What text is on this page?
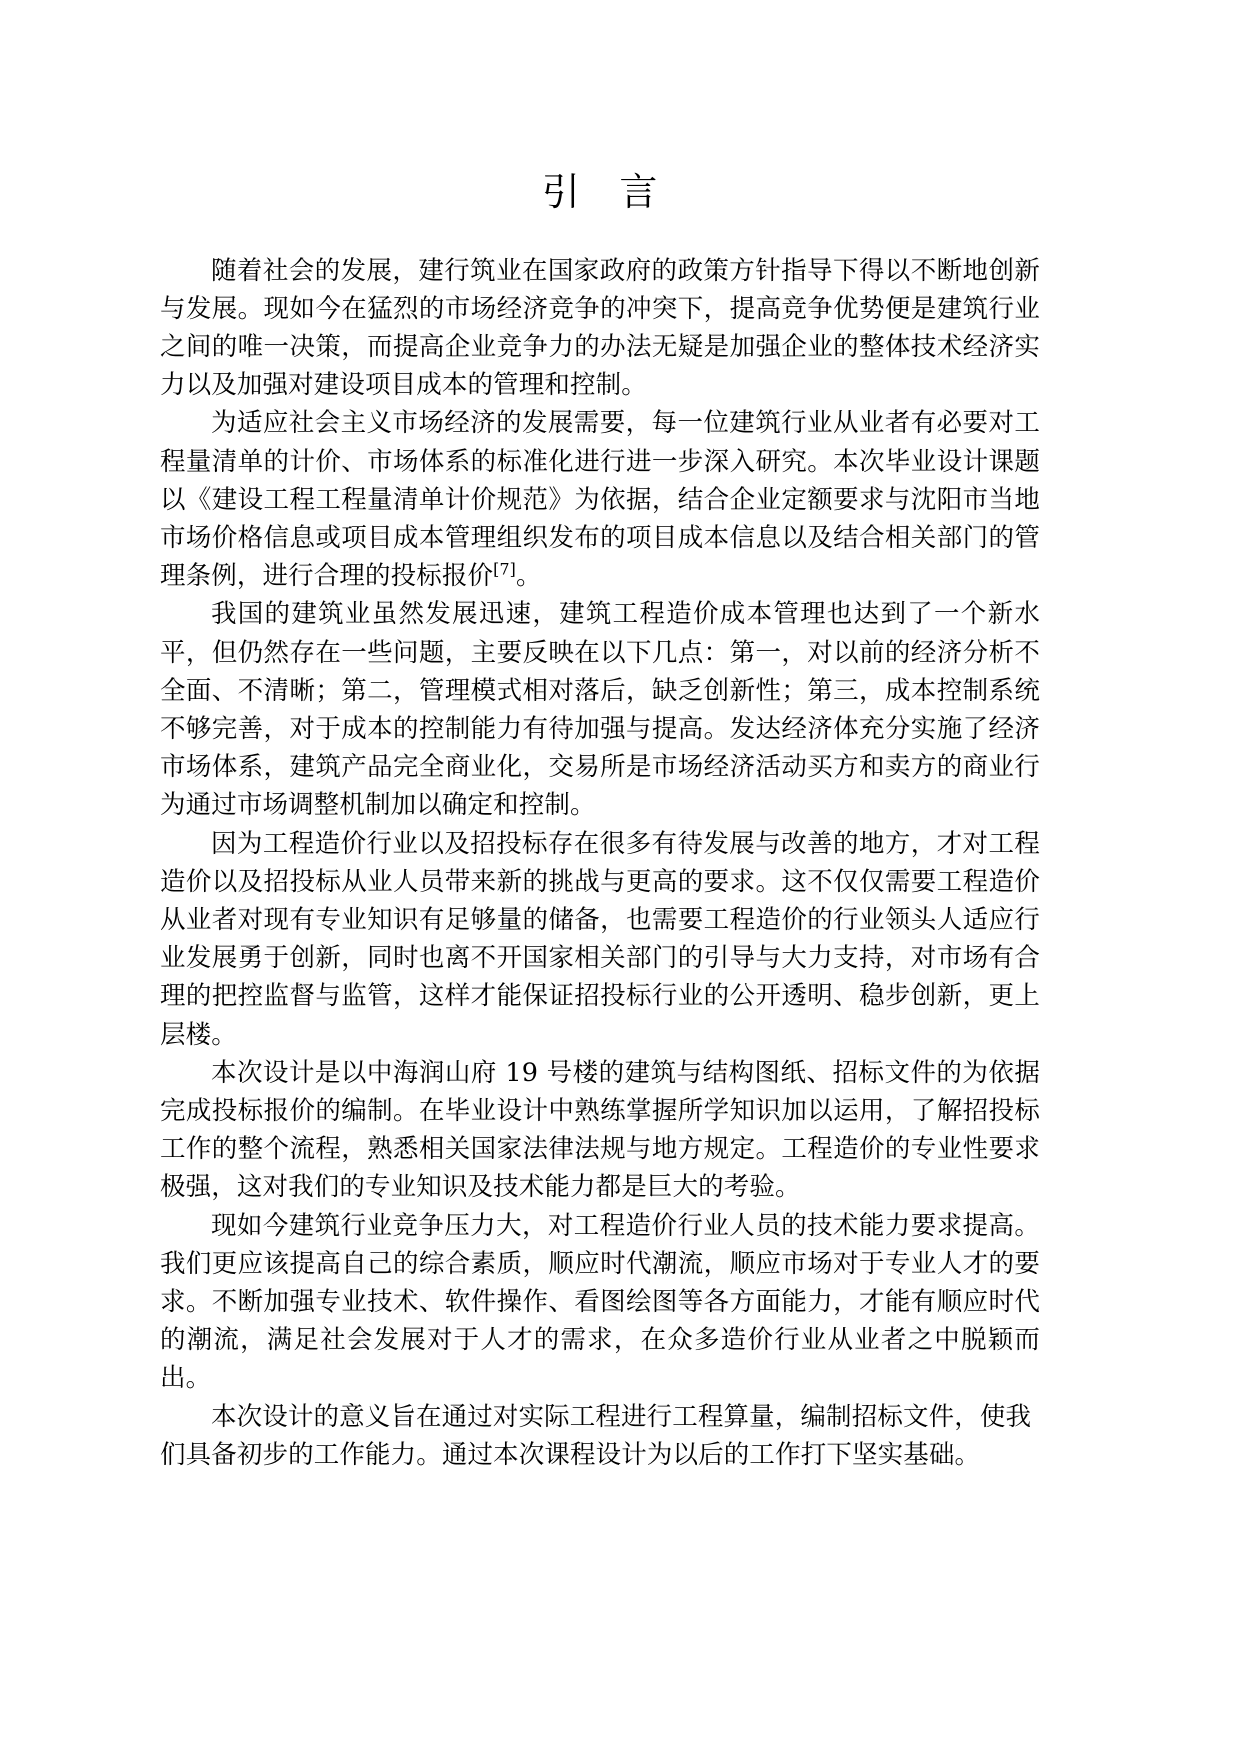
引　言

随着社会的发展，建行筑业在国家政府的政策方针指导下得以不断地创新与发展。现如今在猛烈的市场经济竞争的冲突下，提高竞争优势便是建筑行业之间的唯一决策，而提高企业竞争力的办法无疑是加强企业的整体技术经济实力以及加强对建设项目成本的管理和控制。

为适应社会主义市场经济的发展需要，每一位建筑行业从业者有必要对工程量清单的计价、市场体系的标准化进行进一步深入研究。本次毕业设计课题以《建设工程工程量清单计价规范》为依据，结合企业定额要求与沈阳市当地市场价格信息或项目成本管理组织发布的项目成本信息以及结合相关部门的管理条例，进行合理的投标报价[7]。

我国的建筑业虽然发展迅速，建筑工程造价成本管理也达到了一个新水平，但仍然存在一些问题，主要反映在以下几点：第一，对以前的经济分析不全面、不清晰；第二，管理模式相对落后，缺乏创新性；第三，成本控制系统不够完善，对于成本的控制能力有待加强与提高。发达经济体充分实施了经济市场体系，建筑产品完全商业化，交易所是市场经济活动买方和卖方的商业行为通过市场调整机制加以确定和控制。

因为工程造价行业以及招投标存在很多有待发展与改善的地方，才对工程造价以及招投标从业人员带来新的挑战与更高的要求。这不仅仅需要工程造价从业者对现有专业知识有足够量的储备，也需要工程造价的行业领头人适应行业发展勇于创新，同时也离不开国家相关部门的引导与大力支持，对市场有合理的把控监督与监管，这样才能保证招投标行业的公开透明、稳步创新，更上层楼。

本次设计是以中海润山府 19 号楼的建筑与结构图纸、招标文件的为依据完成投标报价的编制。在毕业设计中熟练掌握所学知识加以运用，了解招投标工作的整个流程，熟悉相关国家法律法规与地方规定。工程造价的专业性要求极强，这对我们的专业知识及技术能力都是巨大的考验。

现如今建筑行业竞争压力大，对工程造价行业人员的技术能力要求提高。我们更应该提高自己的综合素质，顺应时代潮流，顺应市场对于专业人才的要求。不断加强专业技术、软件操作、看图绘图等各方面能力，才能有顺应时代的潮流，满足社会发展对于人才的需求，在众多造价行业从业者之中脱颖而出。

本次设计的意义旨在通过对实际工程进行工程算量，编制招标文件，使我们具备初步的工作能力。通过本次课程设计为以后的工作打下坚实基础。
